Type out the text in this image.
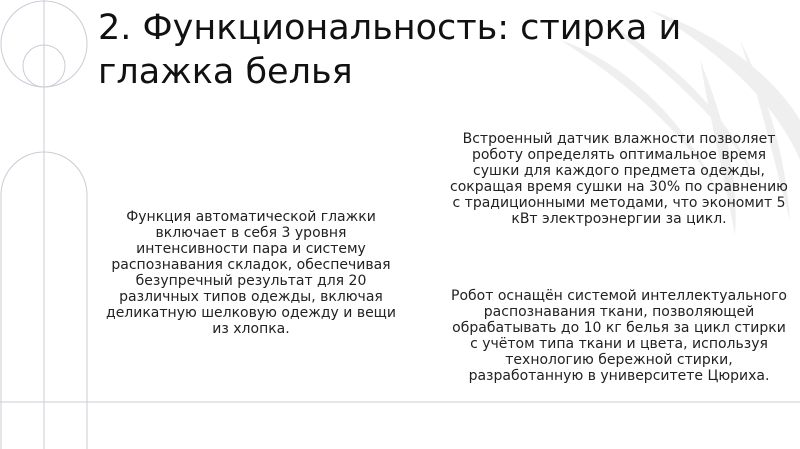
2. Функциональность: стирка и глажка белья

Функция автоматической глажки включает в себя 3 уровня интенсивности пара и систему распознавания складок, обеспечивая безупречный результат для 20 различных типов одежды, включая деликатную шелковую одежду и вещи из хлопка.

Встроенный датчик влажности позволяет роботу определять оптимальное время сушки для каждого предмета одежды, сокращая время сушки на 30% по сравнению с традиционными методами, что экономит 5 кВт электроэнергии за цикл.

Робот оснащён системой интеллектуального распознавания ткани, позволяющей обрабатывать до 10 кг белья за цикл стирки с учётом типа ткани и цвета, используя технологию бережной стирки, разработанную в университете Цюриха.
